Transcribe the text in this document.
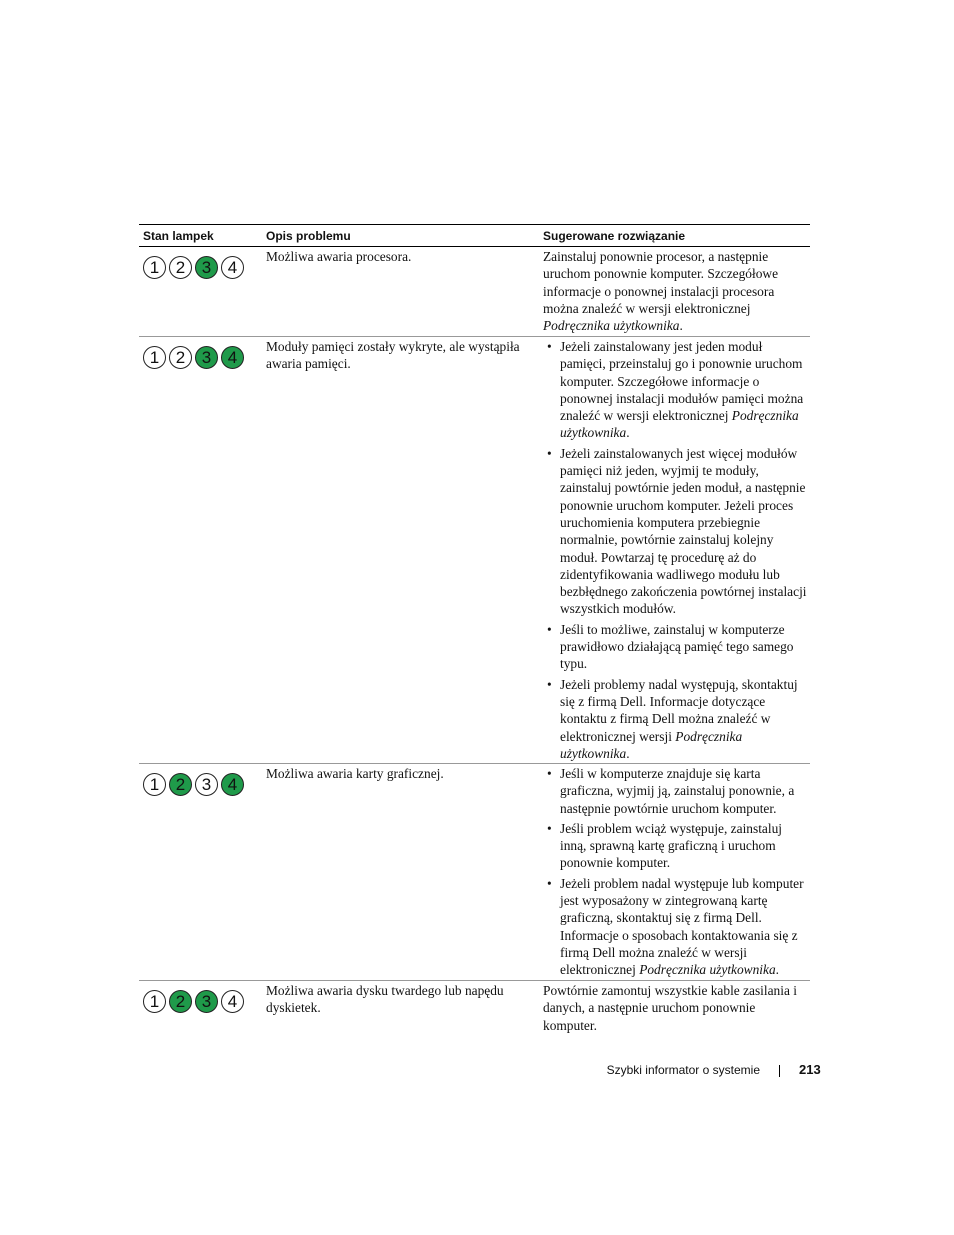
Stan lampek	Opis problemu	Sugerowane rozwiązanie
1 2 3 4
Możliwa awaria procesora.	Zainstaluj ponownie procesor, a następnie uruchom ponownie komputer. Szczegółowe informacje o ponownej instalacji procesora można znaleźć w wersji elektronicznej Podręcznika użytkownika.
1 2 3 4
Moduły pamięci zostały wykryte, ale wystąpiła awaria pamięci.
• Jeżeli zainstalowany jest jeden moduł pamięci, przeinstaluj go i ponownie uruchom komputer. Szczegółowe informacje o ponownej instalacji modułów pamięci można znaleźć w wersji elektronicznej Podręcznika użytkownika.
• Jeżeli zainstalowanych jest więcej modułów pamięci niż jeden, wyjmij te moduły, zainstaluj powtórnie jeden moduł, a następnie ponownie uruchom komputer. Jeżeli proces uruchomienia komputera przebiegnie normalnie, powtórnie zainstaluj kolejny moduł. Powtarzaj tę procedurę aż do zidentyfikowania wadliwego modułu lub bezbłędnego zakończenia powtórnej instalacji wszystkich modułów.
• Jeśli to możliwe, zainstaluj w komputerze prawidłowo działającą pamięć tego samego typu.
• Jeżeli problemy nadal występują, skontaktuj się z firmą Dell. Informacje dotyczące kontaktu z firmą Dell można znaleźć w elektronicznej wersji Podręcznika użytkownika.
1 2 3 4
Możliwa awaria karty graficznej.
•	Jeśli w komputerze znajduje się karta graficzna, wyjmij ją, zainstaluj ponownie, a następnie powtórnie uruchom komputer.
• Jeśli problem wciąż występuje, zainstaluj inną, sprawną kartę graficzną i uruchom ponownie komputer.
• Jeżeli problem nadal występuje lub komputer jest wyposażony w zintegrowaną kartę graficzną, skontaktuj się z firmą Dell. Informacje o sposobach kontaktowania się z firmą Dell można znaleźć w wersji elektronicznej Podręcznika użytkownika.
1 2 3 4
Możliwa awaria dysku twardego lub napędu dyskietek.
Powtórnie zamontuj wszystkie kable zasilania i danych, a następnie uruchom ponownie komputer.
Szybki informator o systemie	213
